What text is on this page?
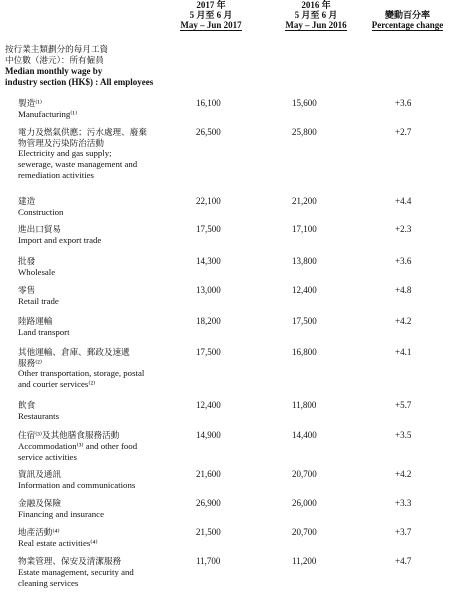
2017 年
5 月至 6 月
May – Jun 2017
2016 年
5 月至 6 月
May – Jun 2016
變動百分率
Percentage change
按行業主類劃分的每月工資
中位數（港元）：所有僱員
Median monthly wage by
industry section (HK$) : All employees
製造⁽¹⁾
Manufacturing⁽¹⁾
16,100	15,600	+3.6
電力及燃氣供應；污水處理、廢棄
物管理及污染防治活動
Electricity and gas supply;
sewerage, waste management and
remediation activities
26,500	25,800	+2.7
建造
Construction
22,100	21,200	+4.4
進出口貿易
Import and export trade
17,500	17,100	+2.3
批發
Wholesale
14,300	13,800	+3.6
零售
Retail trade
13,000	12,400	+4.8
陸路運輸
Land transport
18,200	17,500	+4.2
其他運輸、倉庫、郵政及速遞
服務⁽²⁾
Other transportation, storage, postal
and courier services⁽²⁾
17,500	16,800	+4.1
飲食
Restaurants
12,400	11,800	+5.7
住宿⁽³⁾及其他膳食服務活動
Accommodation⁽³⁾ and other food
service activities
14,900	14,400	+3.5
資訊及通訊
Information and communications
21,600	20,700	+4.2
金融及保險
Financing and insurance
26,900	26,000	+3.3
地產活動⁽⁴⁾
Real estate activities⁽⁴⁾
21,500	20,700	+3.7
物業管理、保安及清潔服務
Estate management, security and
cleaning services
11,700	11,200	+4.7
